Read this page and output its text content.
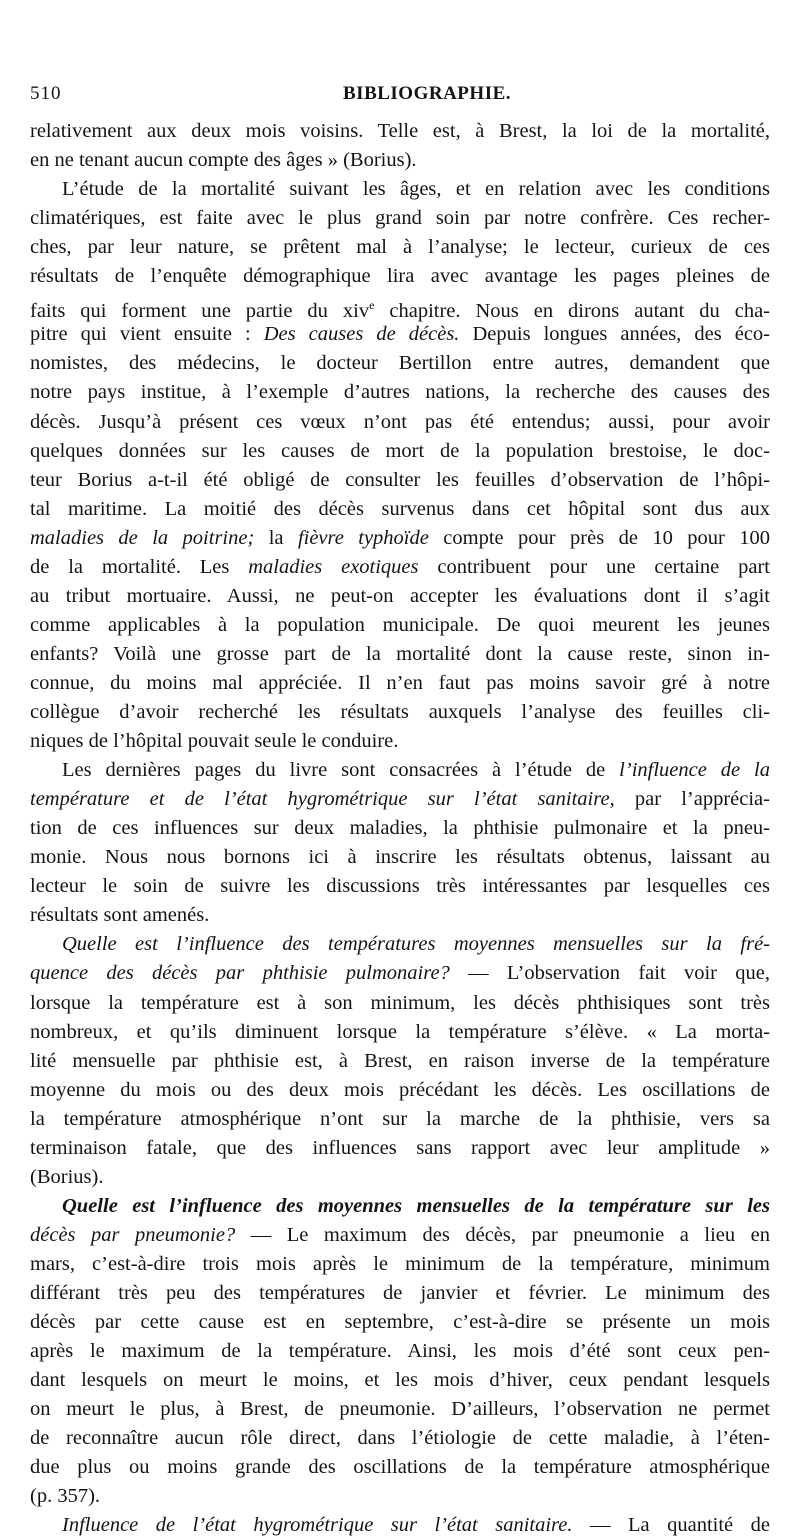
510	BIBLIOGRAPHIE.
relativement aux deux mois voisins. Telle est, à Brest, la loi de la mortalité,
en ne tenant aucun compte des âges » (Borius).
L’étude de la mortalité suivant les âges, et en relation avec les conditions
climatériques, est faite avec le plus grand soin par notre confrère. Ces recher-
ches, par leur nature, se prêtent mal à l’analyse; le lecteur, curieux de ces
résultats de l’enquête démographique lira avec avantage les pages pleines de
faits qui forment une partie du xiv$^e$ chapitre. Nous en dirons autant du cha-
pitre qui vient ensuite : Des causes de décès. Depuis longues années, des éco-
nomistes, des médecins, le docteur Bertillon entre autres, demandent que
notre pays institue, à l’exemple d’autres nations, la recherche des causes des
décès. Jusqu’à présent ces vœux n’ont pas été entendus; aussi, pour avoir
quelques données sur les causes de mort de la population brestoise, le doc-
teur Borius a-t-il été obligé de consulter les feuilles d’observation de l’hôpi-
tal maritime. La moitié des décès survenus dans cet hôpital sont dus aux
maladies de la poitrine; la fièvre typhoïde compte pour près de 10 pour 100
de la mortalité. Les maladies exotiques contribuent pour une certaine part
au tribut mortuaire. Aussi, ne peut-on accepter les évaluations dont il s’agit
comme applicables à la population municipale. De quoi meurent les jeunes
enfants? Voilà une grosse part de la mortalité dont la cause reste, sinon in-
connue, du moins mal appréciée. Il n’en faut pas moins savoir gré à notre
collègue d’avoir recherché les résultats auxquels l’analyse des feuilles cli-
niques de l’hôpital pouvait seule le conduire.
Les dernières pages du livre sont consacrées à l’étude de l’influence de la
température et de l’état hygrométrique sur l’état sanitaire, par l’apprécia-
tion de ces influences sur deux maladies, la phthisie pulmonaire et la pneu-
monie. Nous nous bornons ici à inscrire les résultats obtenus, laissant au
lecteur le soin de suivre les discussions très intéressantes par lesquelles ces
résultats sont amenés.
Quelle est l’influence des températures moyennes mensuelles sur la fré-
quence des décès par phthisie pulmonaire? — L’observation fait voir que,
lorsque la température est à son minimum, les décès phthisiques sont très
nombreux, et qu’ils diminuent lorsque la température s’élève. « La morta-
lité mensuelle par phthisie est, à Brest, en raison inverse de la température
moyenne du mois ou des deux mois précédant les décès. Les oscillations de
la température atmosphérique n’ont sur la marche de la phthisie, vers sa
terminaison fatale, que des influences sans rapport avec leur amplitude »
(Borius).
Quelle est l’influence des moyennes mensuelles de la température sur les
décès par pneumonie? — Le maximum des décès, par pneumonie a lieu en
mars, c’est-à-dire trois mois après le minimum de la température, minimum
différant très peu des températures de janvier et février. Le minimum des
décès par cette cause est en septembre, c’est-à-dire se présente un mois
après le maximum de la température. Ainsi, les mois d’été sont ceux pen-
dant lesquels on meurt le moins, et les mois d’hiver, ceux pendant lesquels
on meurt le plus, à Brest, de pneumonie. D’ailleurs, l’observation ne permet
de reconnaître aucun rôle direct, dans l’étiologie de cette maladie, à l’éten-
due plus ou moins grande des oscillations de la température atmosphérique
(p. 357).
Influence de l’état hygrométrique sur l’état sanitaire. — La quantité de
